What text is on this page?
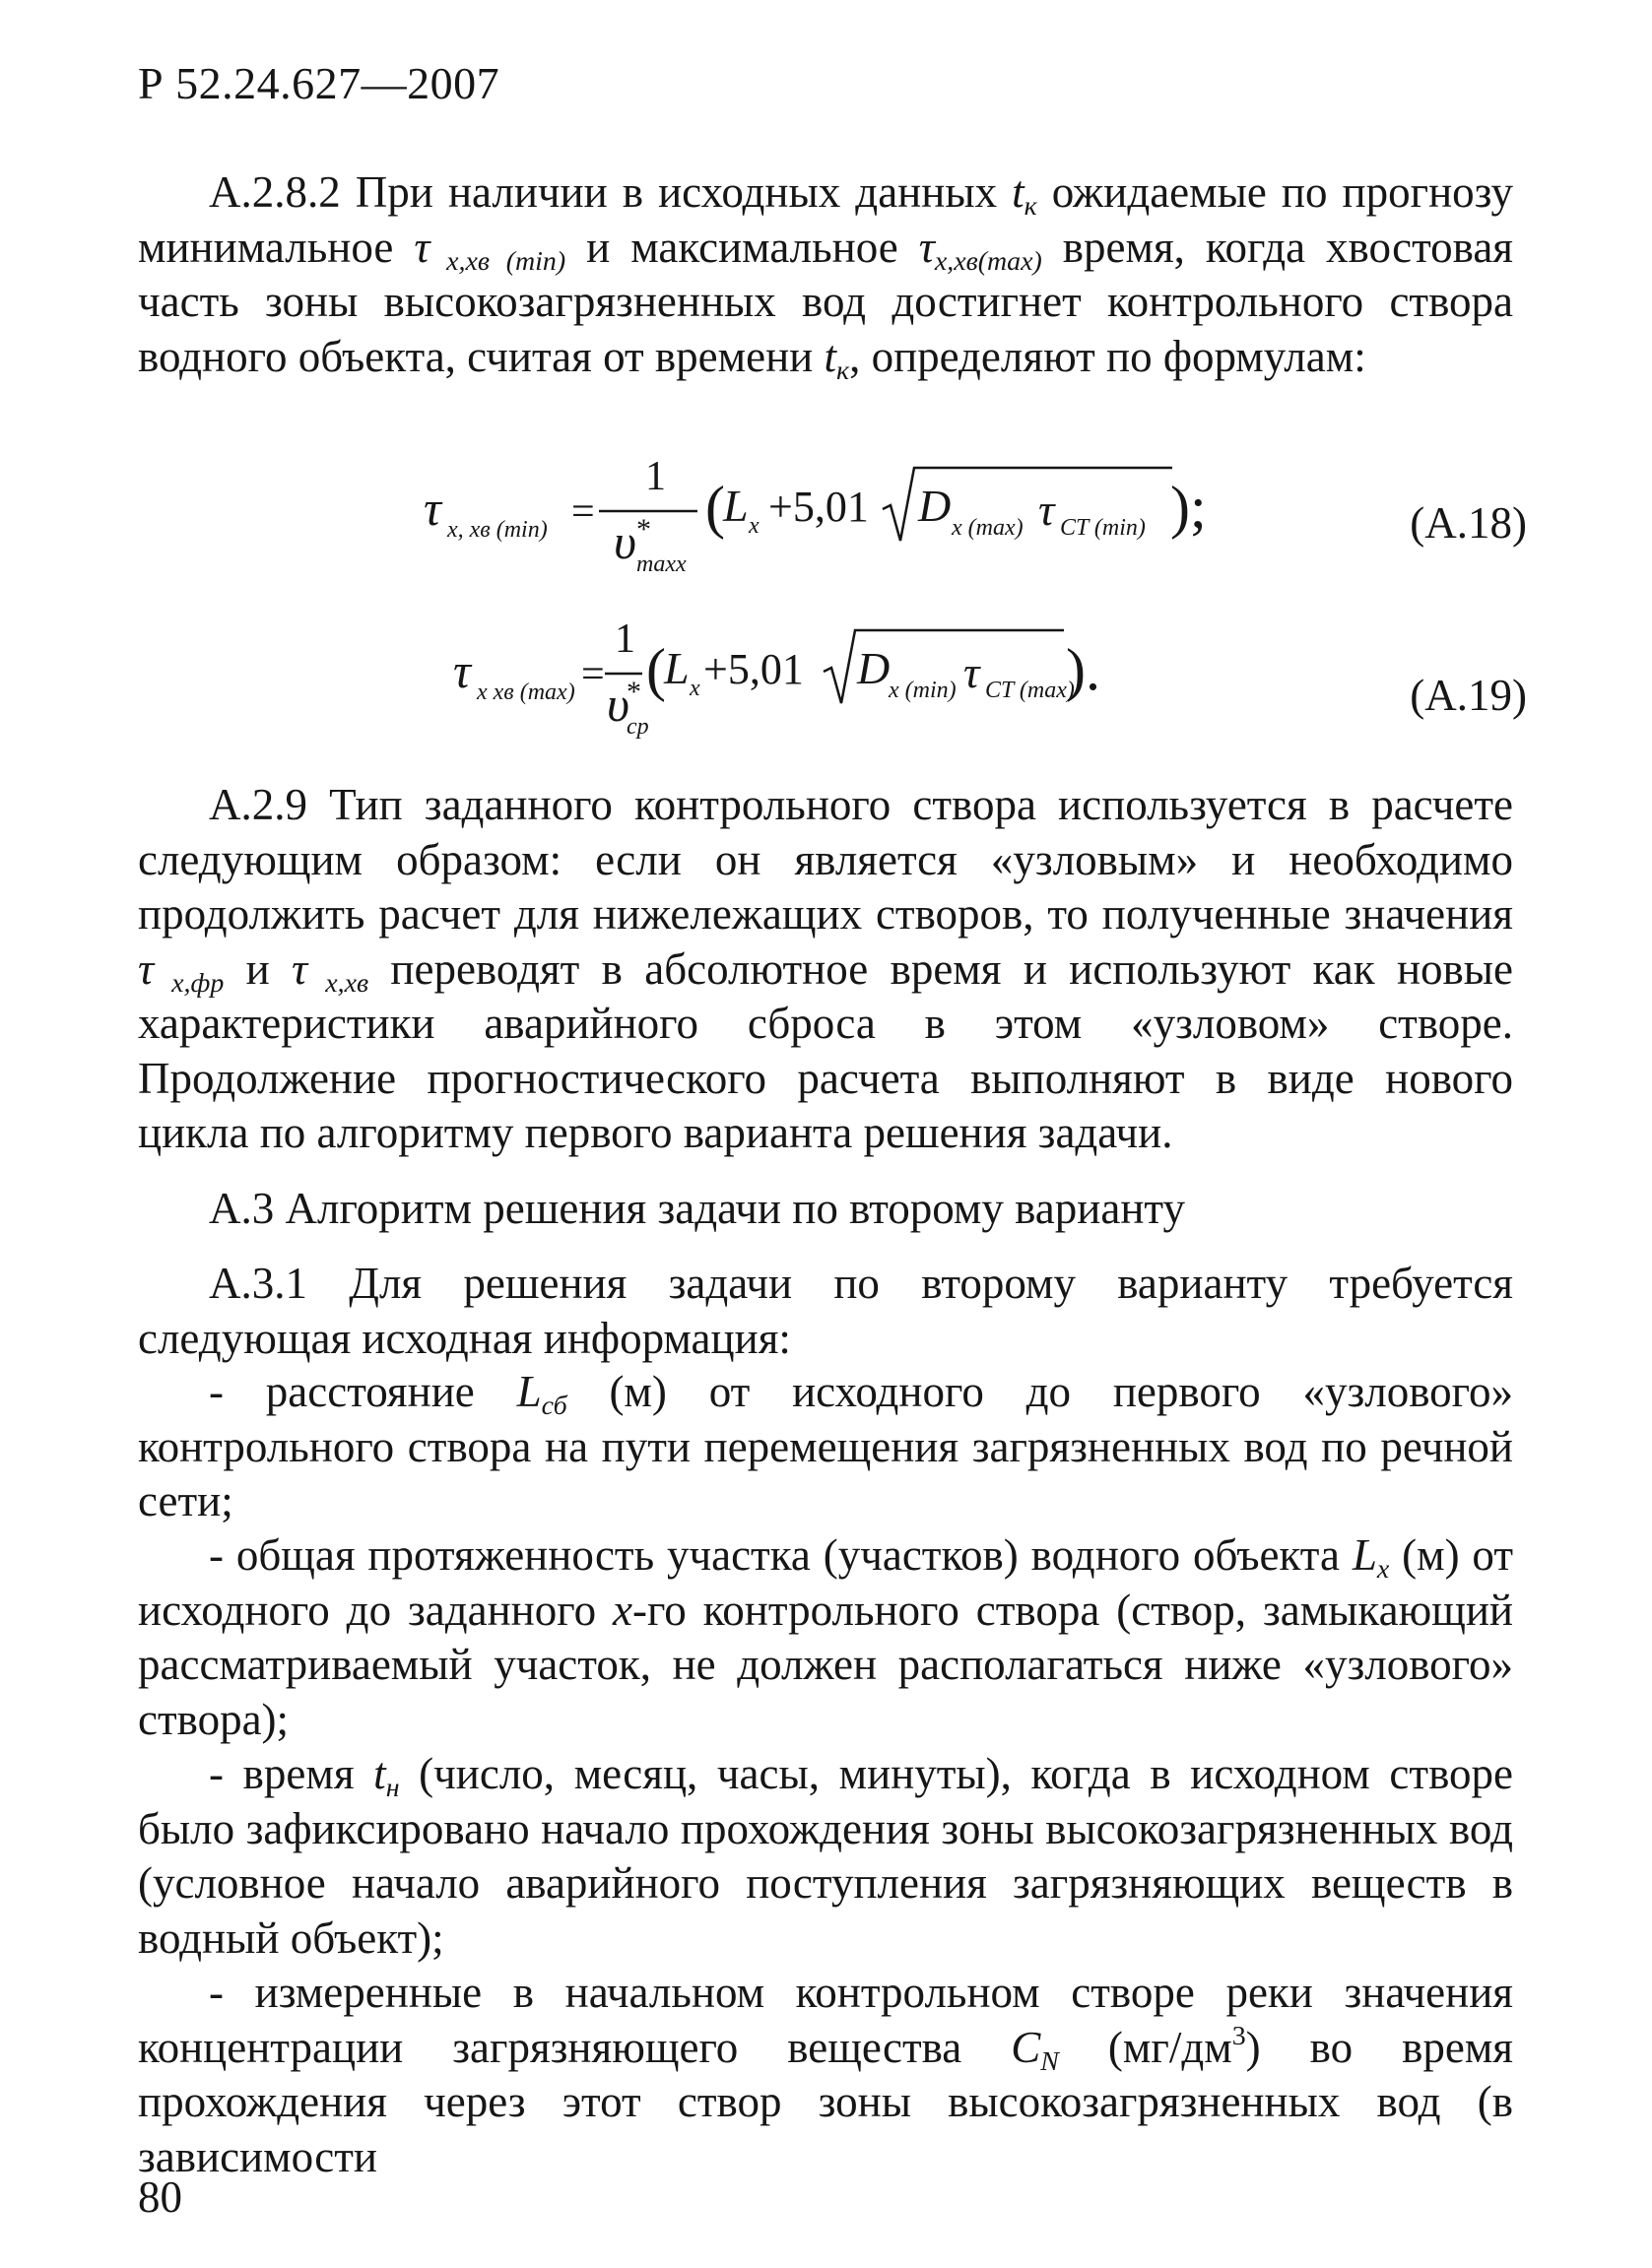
Р 52.24.627—2007

А.2.8.2 При наличии в исходных данных $t_к$ ожидаемые по прогнозу минимальное τ $_{х,хв (min)}$ и максимальное $\tau_{x,xв(max)}$ время, когда хвостовая часть зоны высокозагрязненных вод достигнет контрольного створа водного объекта, считая от времени $t_к$, определяют по формулам:

τ x, xв (min) =
1
υ *
maxx
(
L x +5,01 D x (max) τ CT (min) );	(А.18)
τ x xв (max) =
1
υ
*
cp
(
L x +5,01 D
x (min) τ CT (max)
).	(А.19)

А.2.9 Тип заданного контрольного створа используется в расчете следующим образом: если он является «узловым» и необходимо продолжить расчет для нижележащих створов, то полученные значения τ $_{х,фр}$ и τ $_{х,хв}$ переводят в абсолютное время и используют как новые характеристики аварийного сброса в этом «узловом» створе. Продолжение прогностического расчета выполняют в виде нового цикла по алгоритму первого варианта решения задачи.

А.3 Алгоритм решения задачи по второму варианту

А.3.1 Для решения задачи по второму варианту требуется следующая исходная информация:

- расстояние $L_{сб}$ (м) от исходного до первого «узлового» контрольного створа на пути перемещения загрязненных вод по речной сети;

- общая протяженность участка (участков) водного объекта $L_x$ (м) от исходного до заданного x-го контрольного створа (створ, замыкающий рассматриваемый участок, не должен располагаться ниже «узлового» створа);

- время $t_н$ (число, месяц, часы, минуты), когда в исходном створе было зафиксировано начало прохождения зоны высокозагрязненных вод (условное начало аварийного поступления загрязняющих веществ в водный объект);

- измеренные в начальном контрольном створе реки значения концентрации загрязняющего вещества $C_N$ $(мг/дм^3)$ во время прохождения через этот створ зоны высокозагрязненных вод (в зависимости

80
